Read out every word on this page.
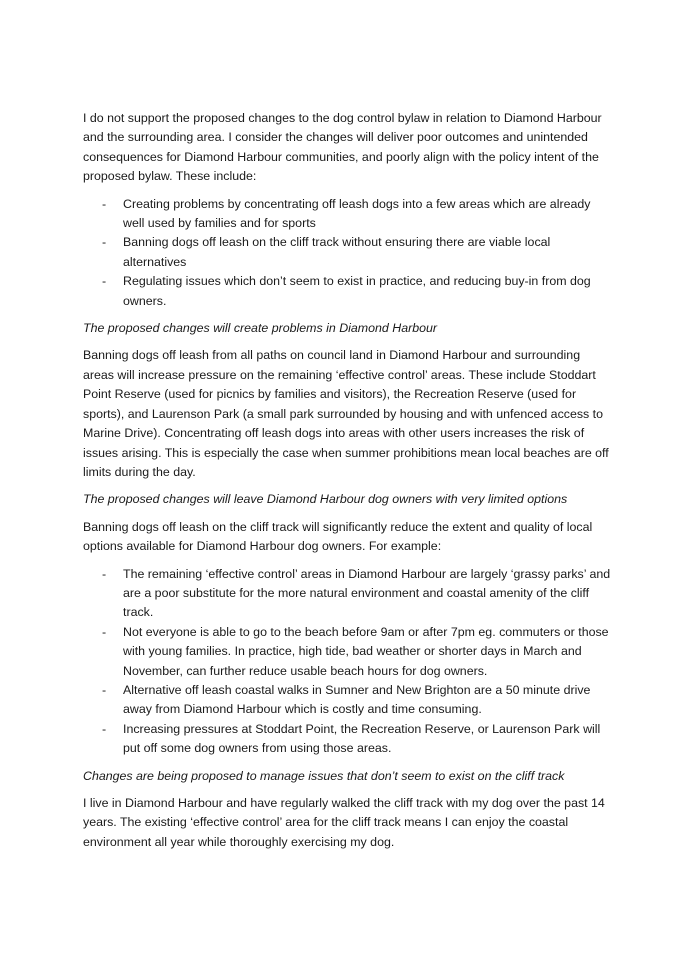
I do not support the proposed changes to the dog control bylaw in relation to Diamond Harbour and the surrounding area. I consider the changes will deliver poor outcomes and unintended consequences for Diamond Harbour communities, and poorly align with the policy intent of the proposed bylaw. These include:

- Creating problems by concentrating off leash dogs into a few areas which are already well used by families and for sports
- Banning dogs off leash on the cliff track without ensuring there are viable local alternatives
- Regulating issues which don’t seem to exist in practice, and reducing buy-in from dog owners.

The proposed changes will create problems in Diamond Harbour

Banning dogs off leash from all paths on council land in Diamond Harbour and surrounding areas will increase pressure on the remaining ‘effective control’ areas. These include Stoddart Point Reserve (used for picnics by families and visitors), the Recreation Reserve (used for sports), and Laurenson Park (a small park surrounded by housing and with unfenced access to Marine Drive). Concentrating off leash dogs into areas with other users increases the risk of issues arising. This is especially the case when summer prohibitions mean local beaches are off limits during the day.

The proposed changes will leave Diamond Harbour dog owners with very limited options

Banning dogs off leash on the cliff track will significantly reduce the extent and quality of local options available for Diamond Harbour dog owners. For example:

- The remaining ‘effective control’ areas in Diamond Harbour are largely ‘grassy parks’ and are a poor substitute for the more natural environment and coastal amenity of the cliff track.
- Not everyone is able to go to the beach before 9am or after 7pm eg. commuters or those with young families. In practice, high tide, bad weather or shorter days in March and November, can further reduce usable beach hours for dog owners.
- Alternative off leash coastal walks in Sumner and New Brighton are a 50 minute drive away from Diamond Harbour which is costly and time consuming.
- Increasing pressures at Stoddart Point, the Recreation Reserve, or Laurenson Park will put off some dog owners from using those areas.

Changes are being proposed to manage issues that don’t seem to exist on the cliff track

I live in Diamond Harbour and have regularly walked the cliff track with my dog over the past 14 years. The existing ‘effective control’ area for the cliff track means I can enjoy the coastal environment all year while thoroughly exercising my dog.
